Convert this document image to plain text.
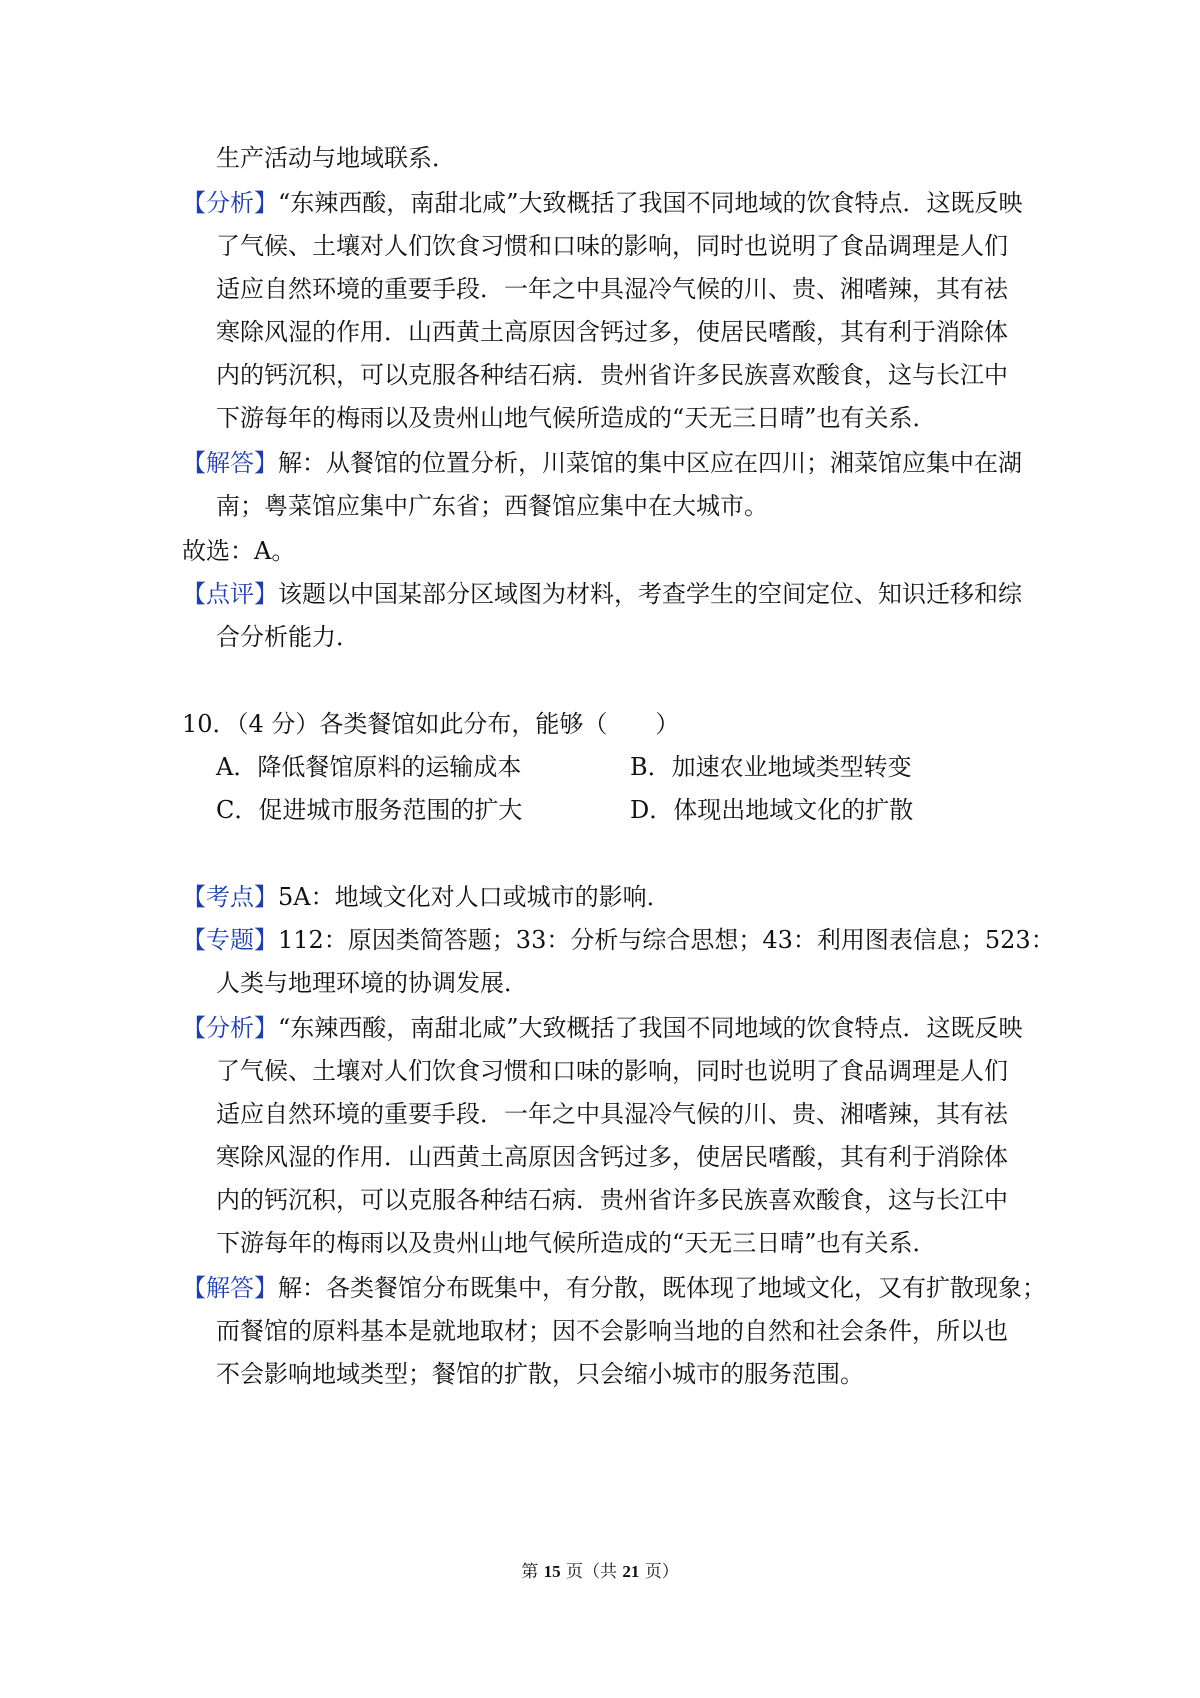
生产活动与地域联系．
【分析】“东辣西酸，南甜北咸”大致概括了我国不同地域的饮食特点．这既反映
了气候、土壤对人们饮食习惯和口味的影响，同时也说明了食品调理是人们
适应自然环境的重要手段．一年之中具湿冷气候的川、贵、湘嗜辣，其有祛
寒除风湿的作用．山西黄土高原因含钙过多，使居民嗜酸，其有利于消除体
内的钙沉积，可以克服各种结石病．贵州省许多民族喜欢酸食，这与长江中
下游每年的梅雨以及贵州山地气候所造成的“天无三日晴”也有关系．
【解答】解：从餐馆的位置分析，川菜馆的集中区应在四川；湘菜馆应集中在湖
南；粤菜馆应集中广东省；西餐馆应集中在大城市。
故选：A。
【点评】该题以中国某部分区域图为材料，考查学生的空间定位、知识迁移和综
合分析能力．
10．（4 分）各类餐馆如此分布，能够（　　）
A．降低餐馆原料的运输成本	B．加速农业地域类型转变
C．促进城市服务范围的扩大	D．体现出地域文化的扩散
【考点】5A：地域文化对人口或城市的影响．
【专题】112：原因类简答题；33：分析与综合思想；43：利用图表信息；523：
人类与地理环境的协调发展．
【分析】“东辣西酸，南甜北咸”大致概括了我国不同地域的饮食特点．这既反映
了气候、土壤对人们饮食习惯和口味的影响，同时也说明了食品调理是人们
适应自然环境的重要手段．一年之中具湿冷气候的川、贵、湘嗜辣，其有祛
寒除风湿的作用．山西黄土高原因含钙过多，使居民嗜酸，其有利于消除体
内的钙沉积，可以克服各种结石病．贵州省许多民族喜欢酸食，这与长江中
下游每年的梅雨以及贵州山地气候所造成的“天无三日晴”也有关系．
【解答】解：各类餐馆分布既集中，有分散，既体现了地域文化，又有扩散现象；
而餐馆的原料基本是就地取材；因不会影响当地的自然和社会条件，所以也
不会影响地域类型；餐馆的扩散，只会缩小城市的服务范围。
第 15 页（共 21 页）
